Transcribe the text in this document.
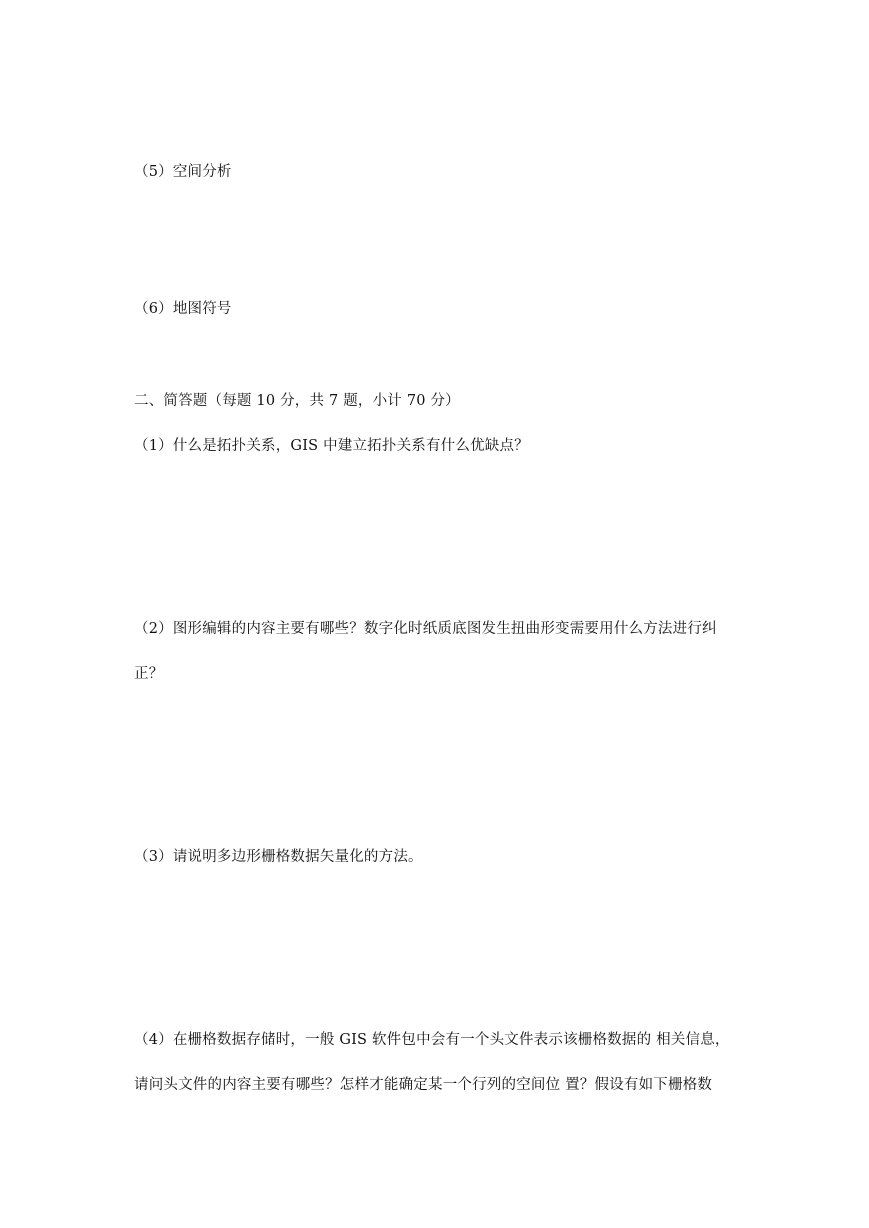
（5）空间分析
（6）地图符号
二、简答题（每题 10 分，共 7 题，小计 70 分）
（1）什么是拓扑关系，GIS 中建立拓扑关系有什么优缺点？
（2）图形编辑的内容主要有哪些？数字化时纸质底图发生扭曲形变需要用什么方法进行纠
正？
（3）请说明多边形栅格数据矢量化的方法。
（4）在栅格数据存储时，一般 GIS 软件包中会有一个头文件表示该栅格数据的 相关信息，
请问头文件的内容主要有哪些？怎样才能确定某一个行列的空间位 置？假设有如下栅格数
